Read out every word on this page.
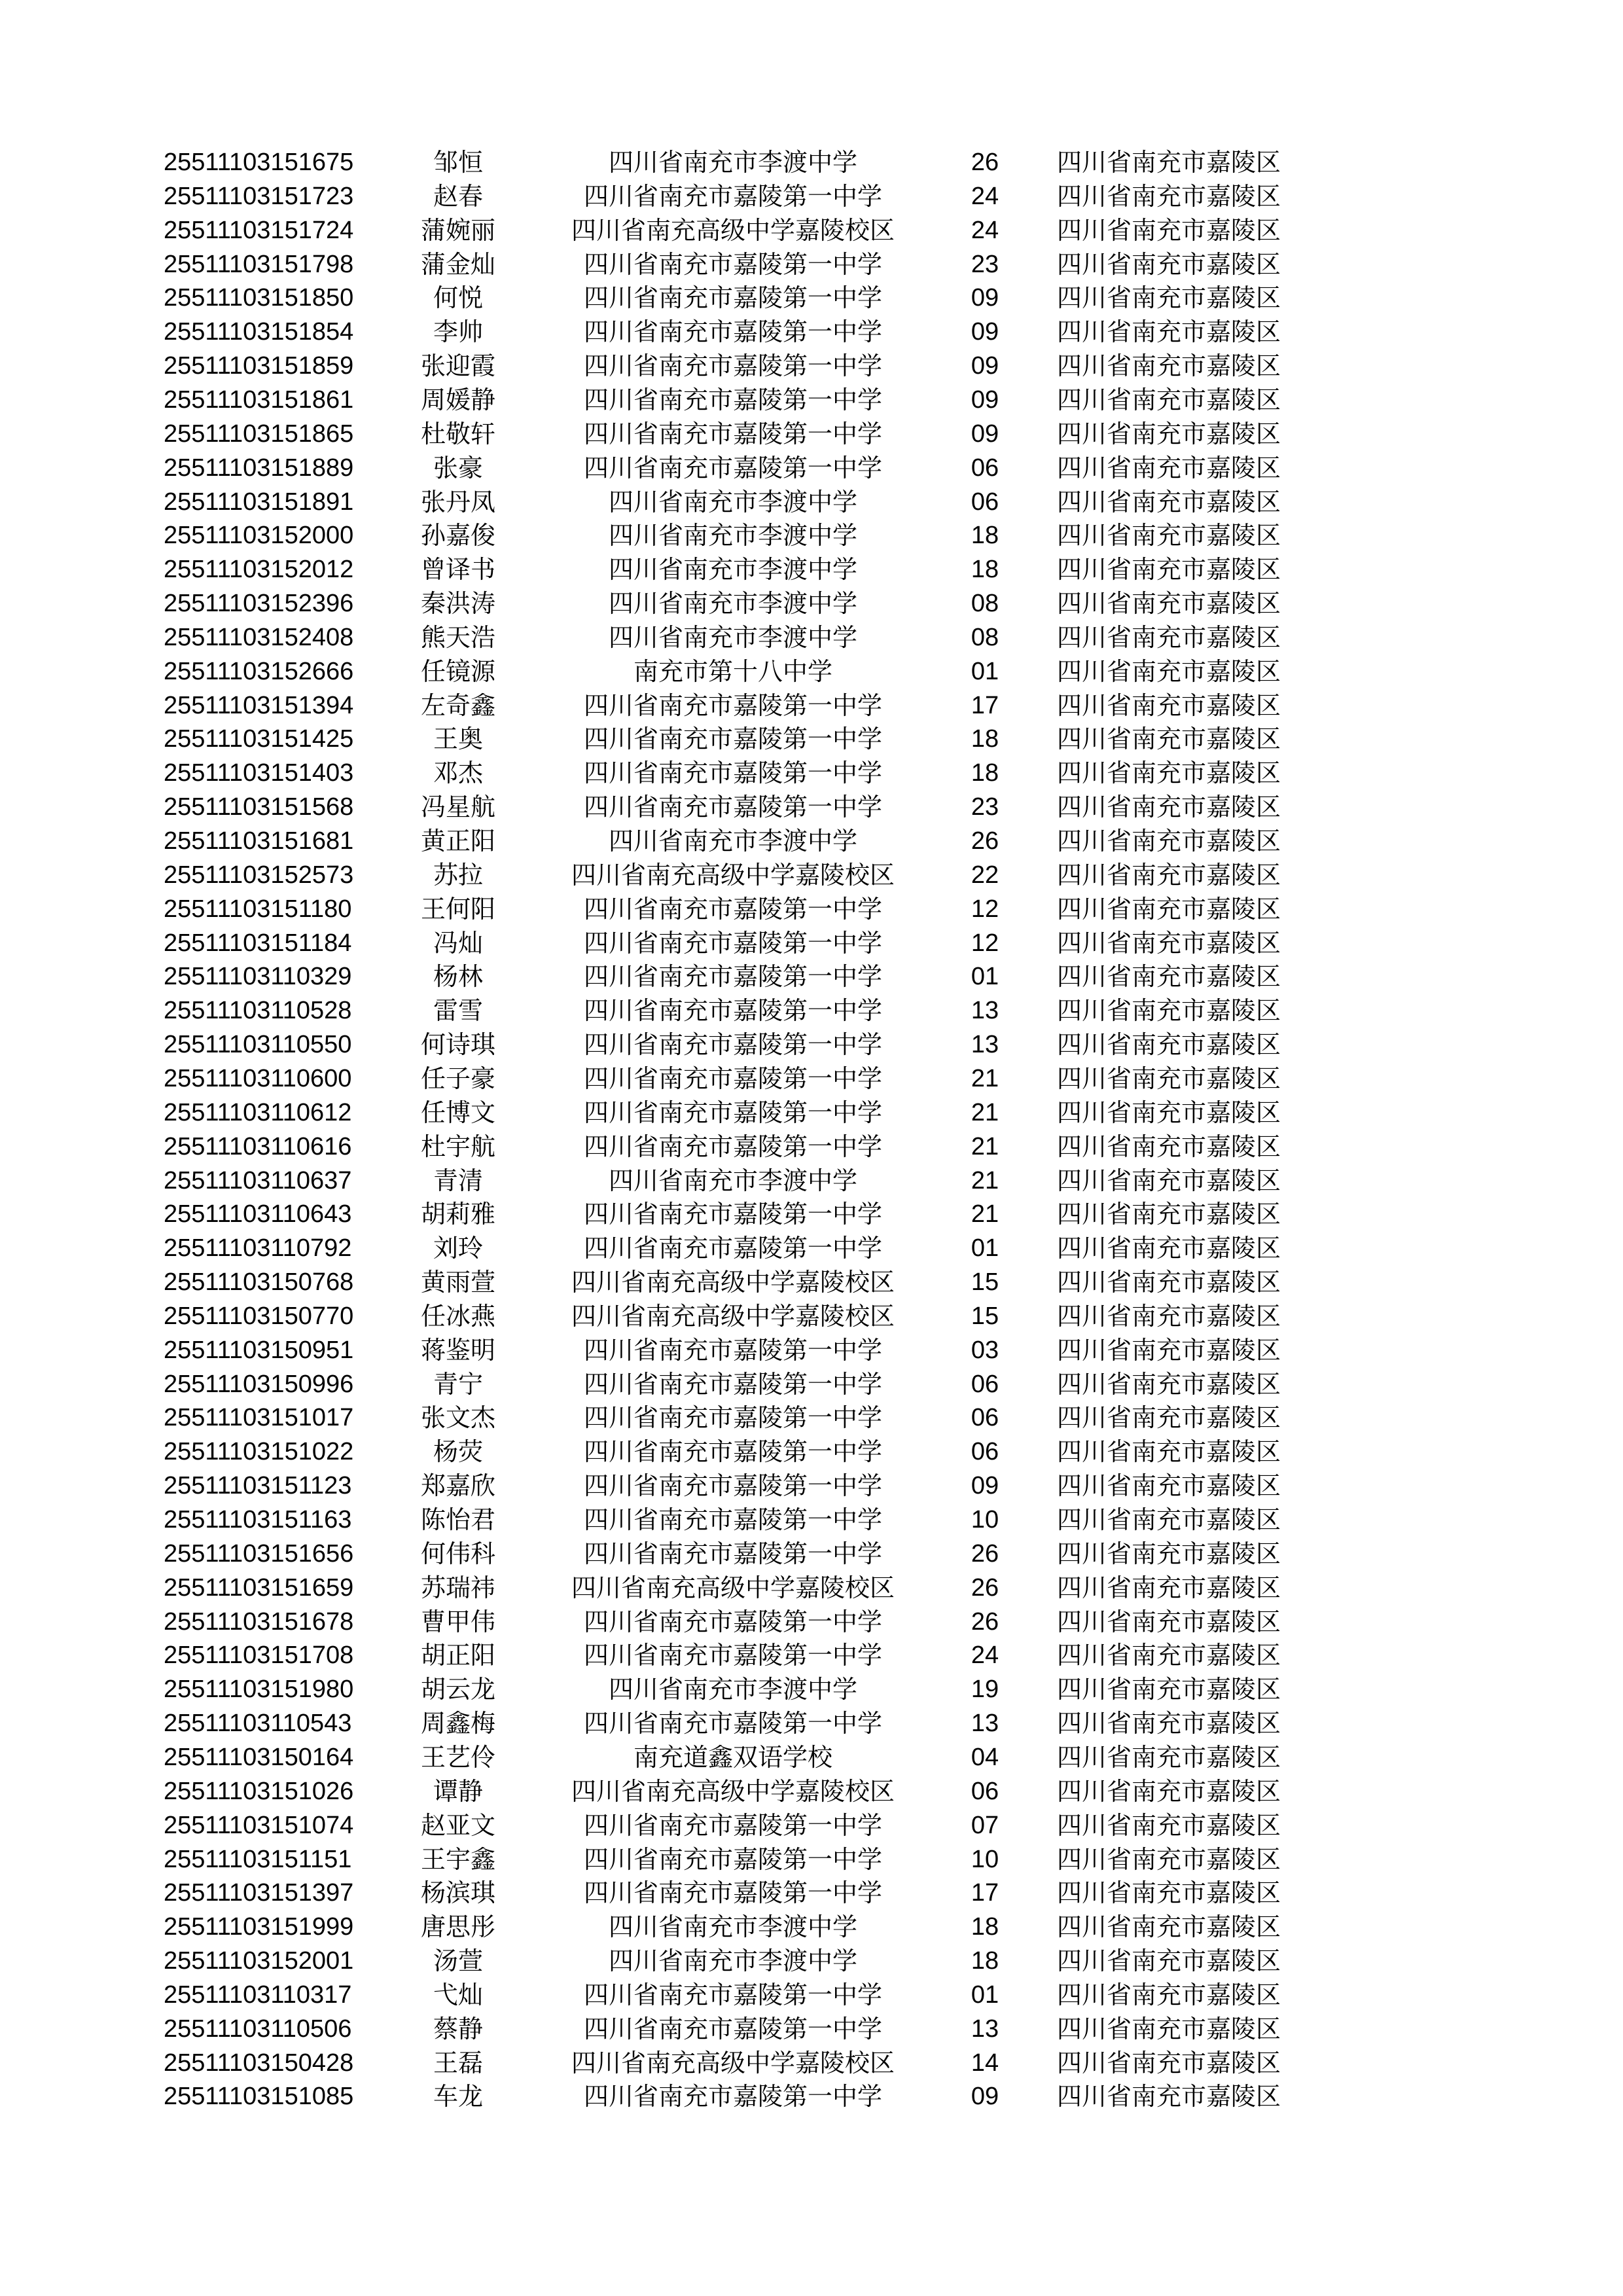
25511103151675	邹恒	四川省南充市李渡中学	26	四川省南充市嘉陵区
25511103151723	赵春	四川省南充市嘉陵第一中学	24	四川省南充市嘉陵区
25511103151724	蒲婉丽	四川省南充高级中学嘉陵校区	24	四川省南充市嘉陵区
25511103151798	蒲金灿	四川省南充市嘉陵第一中学	23	四川省南充市嘉陵区
25511103151850	何悦	四川省南充市嘉陵第一中学	09	四川省南充市嘉陵区
25511103151854	李帅	四川省南充市嘉陵第一中学	09	四川省南充市嘉陵区
25511103151859	张迎霞	四川省南充市嘉陵第一中学	09	四川省南充市嘉陵区
25511103151861	周媛静	四川省南充市嘉陵第一中学	09	四川省南充市嘉陵区
25511103151865	杜敬轩	四川省南充市嘉陵第一中学	09	四川省南充市嘉陵区
25511103151889	张豪	四川省南充市嘉陵第一中学	06	四川省南充市嘉陵区
25511103151891	张丹凤	四川省南充市李渡中学	06	四川省南充市嘉陵区
25511103152000	孙嘉俊	四川省南充市李渡中学	18	四川省南充市嘉陵区
25511103152012	曾译书	四川省南充市李渡中学	18	四川省南充市嘉陵区
25511103152396	秦洪涛	四川省南充市李渡中学	08	四川省南充市嘉陵区
25511103152408	熊天浩	四川省南充市李渡中学	08	四川省南充市嘉陵区
25511103152666	任镜源	南充市第十八中学	01	四川省南充市嘉陵区
25511103151394	左奇鑫	四川省南充市嘉陵第一中学	17	四川省南充市嘉陵区
25511103151425	王奥	四川省南充市嘉陵第一中学	18	四川省南充市嘉陵区
25511103151403	邓杰	四川省南充市嘉陵第一中学	18	四川省南充市嘉陵区
25511103151568	冯星航	四川省南充市嘉陵第一中学	23	四川省南充市嘉陵区
25511103151681	黄正阳	四川省南充市李渡中学	26	四川省南充市嘉陵区
25511103152573	苏拉	四川省南充高级中学嘉陵校区	22	四川省南充市嘉陵区
25511103151180	王何阳	四川省南充市嘉陵第一中学	12	四川省南充市嘉陵区
25511103151184	冯灿	四川省南充市嘉陵第一中学	12	四川省南充市嘉陵区
25511103110329	杨林	四川省南充市嘉陵第一中学	01	四川省南充市嘉陵区
25511103110528	雷雪	四川省南充市嘉陵第一中学	13	四川省南充市嘉陵区
25511103110550	何诗琪	四川省南充市嘉陵第一中学	13	四川省南充市嘉陵区
25511103110600	任子豪	四川省南充市嘉陵第一中学	21	四川省南充市嘉陵区
25511103110612	任博文	四川省南充市嘉陵第一中学	21	四川省南充市嘉陵区
25511103110616	杜宇航	四川省南充市嘉陵第一中学	21	四川省南充市嘉陵区
25511103110637	青清	四川省南充市李渡中学	21	四川省南充市嘉陵区
25511103110643	胡莉雅	四川省南充市嘉陵第一中学	21	四川省南充市嘉陵区
25511103110792	刘玲	四川省南充市嘉陵第一中学	01	四川省南充市嘉陵区
25511103150768	黄雨萱	四川省南充高级中学嘉陵校区	15	四川省南充市嘉陵区
25511103150770	任冰燕	四川省南充高级中学嘉陵校区	15	四川省南充市嘉陵区
25511103150951	蒋鉴明	四川省南充市嘉陵第一中学	03	四川省南充市嘉陵区
25511103150996	青宁	四川省南充市嘉陵第一中学	06	四川省南充市嘉陵区
25511103151017	张文杰	四川省南充市嘉陵第一中学	06	四川省南充市嘉陵区
25511103151022	杨荧	四川省南充市嘉陵第一中学	06	四川省南充市嘉陵区
25511103151123	郑嘉欣	四川省南充市嘉陵第一中学	09	四川省南充市嘉陵区
25511103151163	陈怡君	四川省南充市嘉陵第一中学	10	四川省南充市嘉陵区
25511103151656	何伟科	四川省南充市嘉陵第一中学	26	四川省南充市嘉陵区
25511103151659	苏瑞祎	四川省南充高级中学嘉陵校区	26	四川省南充市嘉陵区
25511103151678	曹甲伟	四川省南充市嘉陵第一中学	26	四川省南充市嘉陵区
25511103151708	胡正阳	四川省南充市嘉陵第一中学	24	四川省南充市嘉陵区
25511103151980	胡云龙	四川省南充市李渡中学	19	四川省南充市嘉陵区
25511103110543	周鑫梅	四川省南充市嘉陵第一中学	13	四川省南充市嘉陵区
25511103150164	王艺伶	南充道鑫双语学校	04	四川省南充市嘉陵区
25511103151026	谭静	四川省南充高级中学嘉陵校区	06	四川省南充市嘉陵区
25511103151074	赵亚文	四川省南充市嘉陵第一中学	07	四川省南充市嘉陵区
25511103151151	王宇鑫	四川省南充市嘉陵第一中学	10	四川省南充市嘉陵区
25511103151397	杨滨琪	四川省南充市嘉陵第一中学	17	四川省南充市嘉陵区
25511103151999	唐思彤	四川省南充市李渡中学	18	四川省南充市嘉陵区
25511103152001	汤萱	四川省南充市李渡中学	18	四川省南充市嘉陵区
25511103110317	弋灿	四川省南充市嘉陵第一中学	01	四川省南充市嘉陵区
25511103110506	蔡静	四川省南充市嘉陵第一中学	13	四川省南充市嘉陵区
25511103150428	王磊	四川省南充高级中学嘉陵校区	14	四川省南充市嘉陵区
25511103151085	车龙	四川省南充市嘉陵第一中学	09	四川省南充市嘉陵区
